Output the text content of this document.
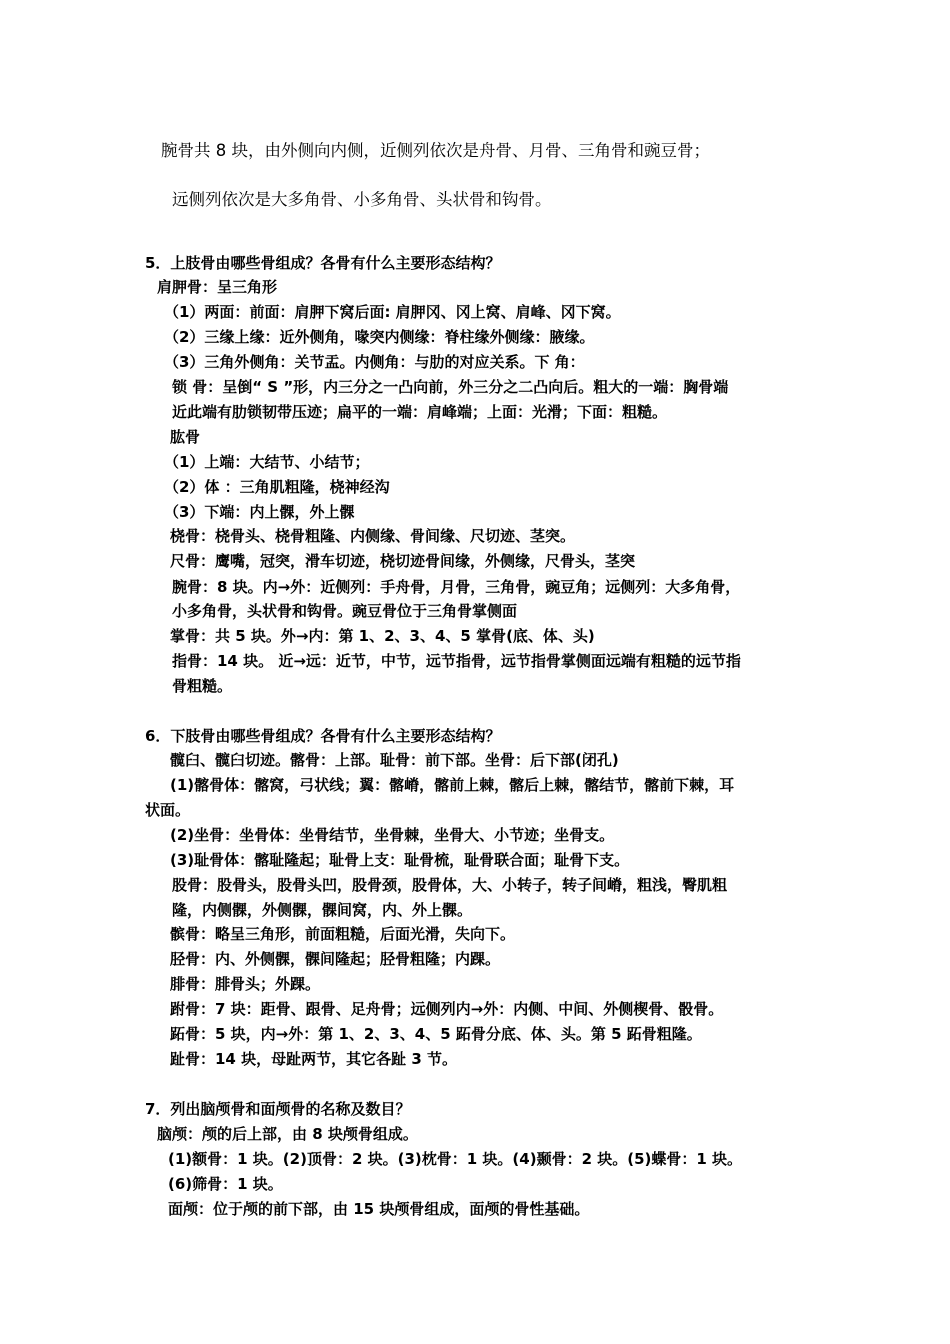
腕骨共 8 块，由外侧向内侧，近侧列依次是舟骨、月骨、三角骨和豌豆骨；
远侧列依次是大多角骨、小多角骨、头状骨和钩骨。
5．上肢骨由哪些骨组成？各骨有什么主要形态结构？
肩胛骨：呈三角形
（1）两面：前面：肩胛下窝后面: 肩胛冈、冈上窝、肩峰、冈下窝。
（2）三缘上缘：近外侧角，喙突内侧缘：脊柱缘外侧缘：腋缘。
（3）三角外侧角：关节盂。内侧角：与肋的对应关系。下 角：
锁 骨：呈倒“ S ”形，内三分之一凸向前，外三分之二凸向后。粗大的一端：胸骨端
近此端有肋锁韧带压迹；扁平的一端：肩峰端；上面：光滑；下面：粗糙。
肱骨
（1）上端：大结节、小结节；
（2）体 ：三角肌粗隆，桡神经沟
（3）下端：内上髁，外上髁
桡骨：桡骨头、桡骨粗隆、内侧缘、骨间缘、尺切迹、茎突。
尺骨：鹰嘴，冠突，滑车切迹，桡切迹骨间缘，外侧缘，尺骨头，茎突
腕骨：8 块。内→外：近侧列：手舟骨，月骨，三角骨，豌豆角；远侧列：大多角骨，
小多角骨，头状骨和钩骨。豌豆骨位于三角骨掌侧面
掌骨：共 5 块。外→内：第 1、2、3、4、5 掌骨(底、体、头)
指骨：14 块。 近→远：近节，中节，远节指骨，远节指骨掌侧面远端有粗糙的远节指
骨粗糙。
6．下肢骨由哪些骨组成？各骨有什么主要形态结构？
髋臼、髋臼切迹。髂骨：上部。耻骨：前下部。坐骨：后下部(闭孔)
(1)髂骨体：髂窝，弓状线；翼：髂嵴，髂前上棘，髂后上棘，髂结节，髂前下棘，耳
状面。
(2)坐骨：坐骨体：坐骨结节，坐骨棘，坐骨大、小节迹；坐骨支。
(3)耻骨体：髂耻隆起；耻骨上支：耻骨梳，耻骨联合面；耻骨下支。
股骨：股骨头，股骨头凹，股骨颈，股骨体，大、小转子，转子间嵴，粗浅，臀肌粗
隆，内侧髁，外侧髁，髁间窝，内、外上髁。
髌骨：略呈三角形，前面粗糙，后面光滑，失向下。
胫骨：内、外侧髁，髁间隆起；胫骨粗隆；内踝。
腓骨：腓骨头；外踝。
跗骨：7 块：距骨、跟骨、足舟骨；远侧列内→外：内侧、中间、外侧楔骨、骰骨。
跖骨：5 块，内→外：第 1、2、3、4、5 跖骨分底、体、头。第 5 跖骨粗隆。
趾骨：14 块，母趾两节，其它各趾 3 节。
7．列出脑颅骨和面颅骨的名称及数目？
脑颅：颅的后上部，由 8 块颅骨组成。
(1)额骨：1 块。(2)顶骨：2 块。(3)枕骨：1 块。(4)颞骨：2 块。(5)蝶骨：1 块。
(6)筛骨：1 块。
面颅：位于颅的前下部，由 15 块颅骨组成，面颅的骨性基础。
